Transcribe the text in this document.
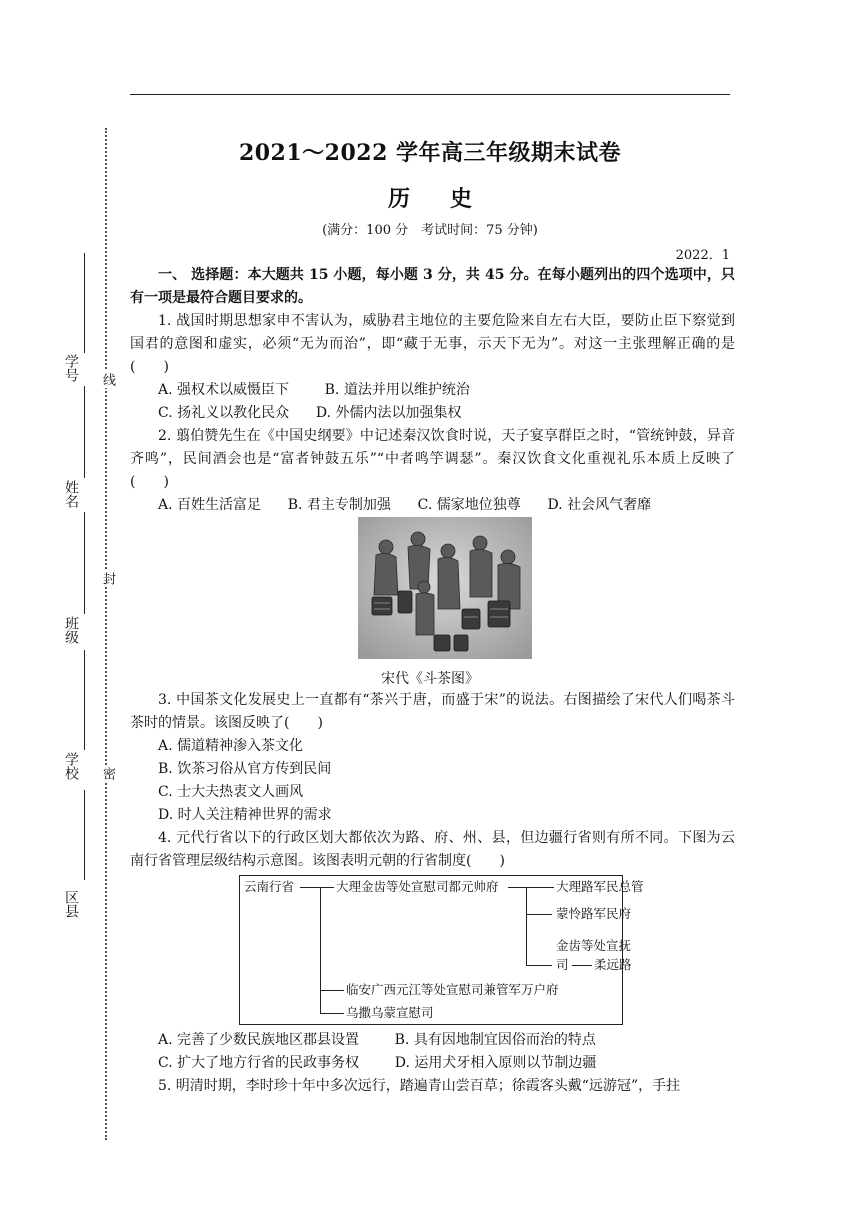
学号
姓名
班级
学校
区县
线
封
密
2021～2022 学年高三年级期末试卷
历史
(满分：100 分　考试时间：75 分钟)
2022．1

一、 选择题：本大题共 15 小题，每小题 3 分，共 45 分。在每小题列出的四个选项中，只有一项是最符合题目要求的。

1. 战国时期思想家申不害认为，威胁君主地位的主要危险来自左右大臣，要防止臣下察觉到国君的意图和虚实，必须“无为而治”，即“藏于无事，示天下无为”。对这一主张理解正确的是　(　　)

A. 强权术以威慑臣下	B. 道法并用以维护统治
C. 扬礼义以教化民众 D. 外儒内法以加强集权

2. 翦伯赞先生在《中国史纲要》中记述秦汉饮食时说，天子宴享群臣之时，“管统钟鼓，异音齐鸣”，民间酒会也是“富者钟鼓五乐”“中者鸣竽调瑟”。秦汉饮食文化重视礼乐本质上反映了(　　)

A. 百姓生活富足 B. 君主专制加强 C. 儒家地位独尊 D. 社会风气奢靡
宋代《斗茶图》

3. 中国茶文化发展史上一直都有“茶兴于唐，而盛于宋”的说法。右图描绘了宋代人们喝茶斗茶时的情景。该图反映了(　　)

A. 儒道精神渗入茶文化
B. 饮茶习俗从官方传到民间
C. 士大夫热衷文人画风
D. 时人关注精神世界的需求

4. 元代行省以下的行政区划大都依次为路、府、州、县，但边疆行省则有所不同。下图为云南行省管理层级结构示意图。该图表明元朝的行省制度(　　)

云南行省	大理金齿等处宣慰司都元帅府	大理路军民总管
蒙怜路军民府
金齿等处宣抚
司 柔远路
临安广西元江等处宣慰司兼管军万户府
乌撒乌蒙宣慰司
A. 完善了少数民族地区郡县设置	B. 具有因地制宜因俗而治的特点
C. 扩大了地方行省的民政事务权	D. 运用犬牙相入原则以节制边疆

5. 明清时期，李时珍十年中多次远行，踏遍青山尝百草；徐霞客头戴“远游冠”，手拄
